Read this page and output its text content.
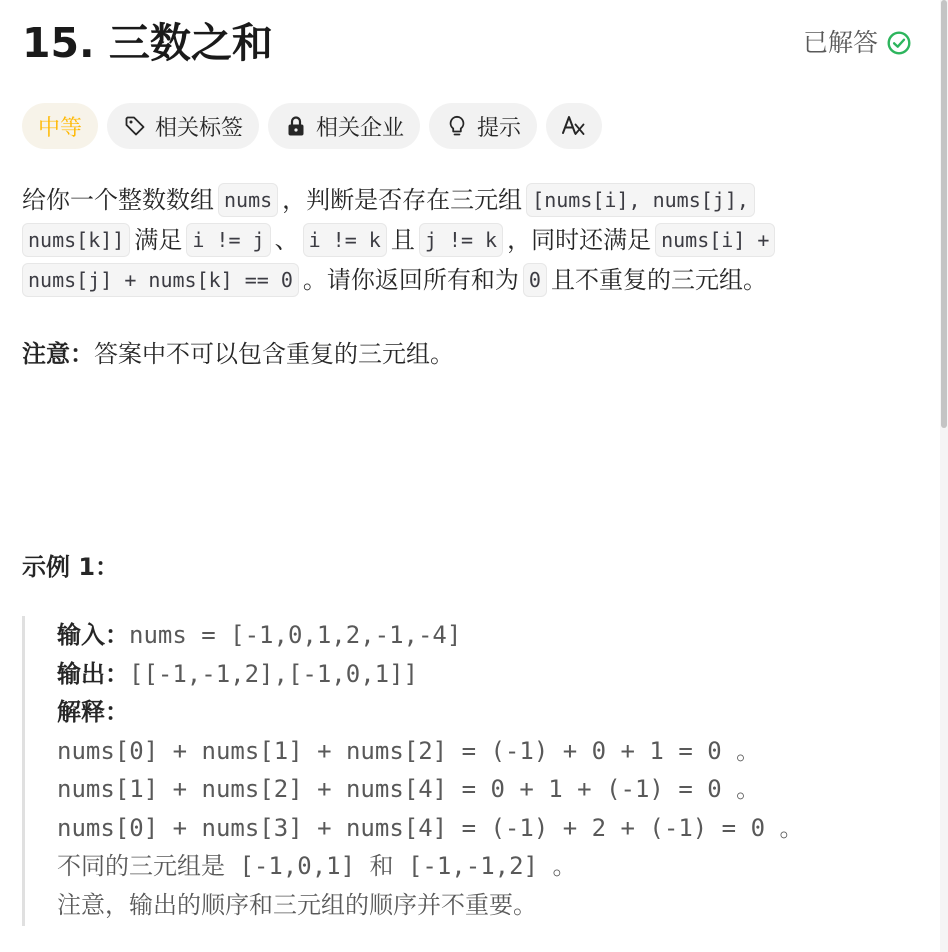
15. 三数之和	已解答
中等	相关标签	相关企业	提示
给你一个整数数组 nums ，判断是否存在三元组 [nums[i], nums[j],
nums[k]] 满足 i != j 、 i != k 且 j != k ，同时还满足 nums[i] +
nums[j] + nums[k] == 0 。请你返回所有和为 0 且不重复的三元组。
注意：答案中不可以包含重复的三元组。
示例 1：
输入：nums = [-1,0,1,2,-1,-4]
输出：[[-1,-1,2],[-1,0,1]]
解释：
nums[0] + nums[1] + nums[2] = (-1) + 0 + 1 = 0 。
nums[1] + nums[2] + nums[4] = 0 + 1 + (-1) = 0 。
nums[0] + nums[3] + nums[4] = (-1) + 2 + (-1) = 0 。
不同的三元组是 [-1,0,1] 和 [-1,-1,2] 。
注意，输出的顺序和三元组的顺序并不重要。
